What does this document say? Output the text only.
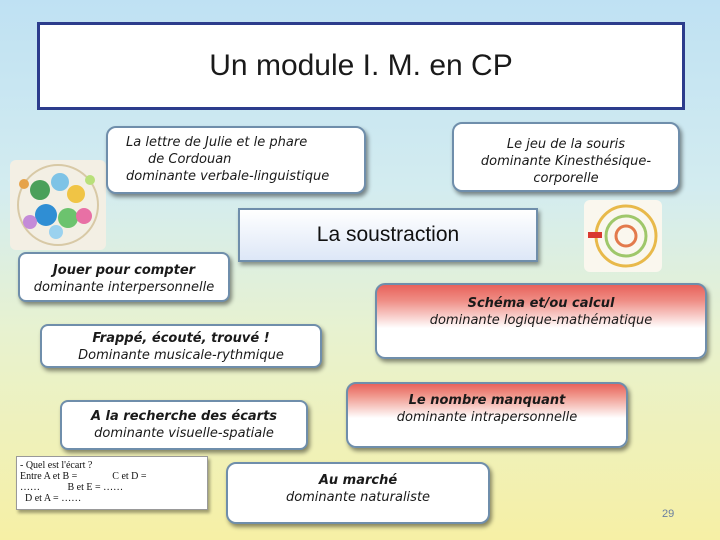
Un module I. M. en CP
La lettre de Julie et le phare
de Cordouan
dominante verbale-linguistique
Le jeu de la souris
dominante Kinesthésique-
corporelle
La soustraction
Jouer pour compter
dominante interpersonnelle
Schéma et/ou calcul
dominante logique-mathématique
Frappé, écouté, trouvé !
Dominante musicale-rythmique
Le nombre manquant
dominante intrapersonnelle
A la recherche des écarts
dominante visuelle-spatiale
- Quel est l'écart ?
Entre A et B =              C et D =
……           B et E = ……
D et A = ……
Au marché
dominante naturaliste
29
